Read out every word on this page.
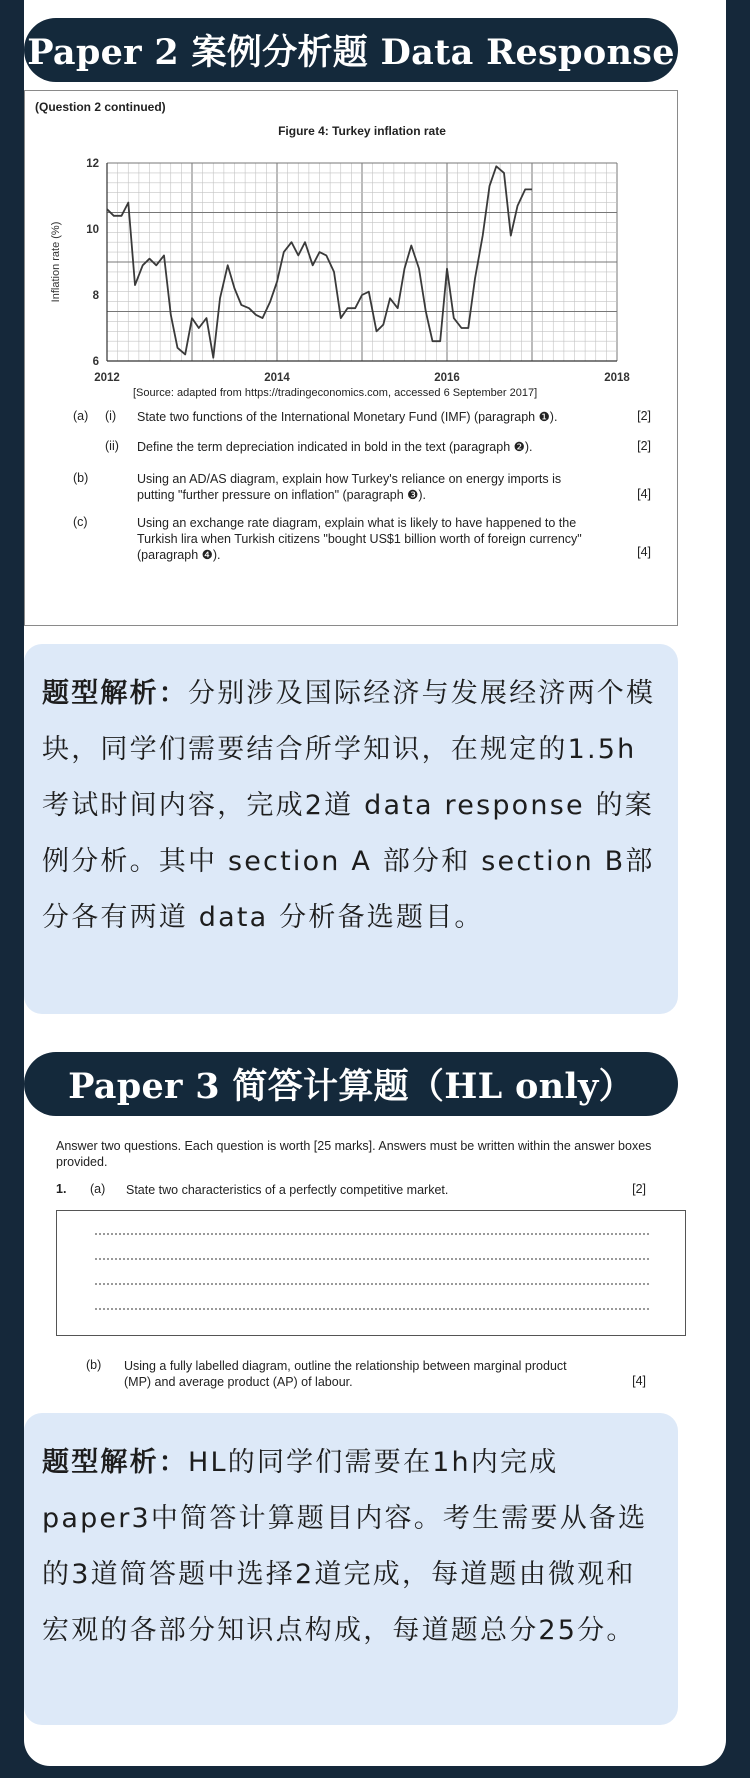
Paper 2 案例分析题 Data Response
(Question 2 continued)
Figure 4: Turkey inflation rate
2012	2014	2016	2018
6
8
10
12
Inflation rate (%)
[Source: adapted from https://tradingeconomics.com, accessed 6 September 2017]
(a) (i) State two functions of the International Monetary Fund (IMF) (paragraph ❶).	[2]
(ii) Define the term depreciation indicated in bold in the text (paragraph ❷).	[2]
(b)	Using an AD/AS diagram, explain how Turkey's reliance on energy imports is putting "further pressure on inflation" (paragraph ❸).	[4]
(c)	Using an exchange rate diagram, explain what is likely to have happened to the Turkish lira when Turkish citizens "bought US$1 billion worth of foreign currency" (paragraph ❹).	[4]
题型解析：分别涉及国际经济与发展经济两个模块，同学们需要结合所学知识，在规定的1.5h考试时间内容，完成2道 data response 的案例分析。其中 section A 部分和 section B部分各有两道 data 分析备选题目。
Paper 3 简答计算题（HL only）
Answer two questions. Each question is worth [25 marks]. Answers must be written within the answer boxes provided.
1. (a) State two characteristics of a perfectly competitive market.	[2]
(b) Using a fully labelled diagram, outline the relationship between marginal product (MP) and average product (AP) of labour.	[4]
题型解析：HL的同学们需要在1h内完成paper3中简答计算题目内容。考生需要从备选的3道简答题中选择2道完成，每道题由微观和宏观的各部分知识点构成，每道题总分25分。
